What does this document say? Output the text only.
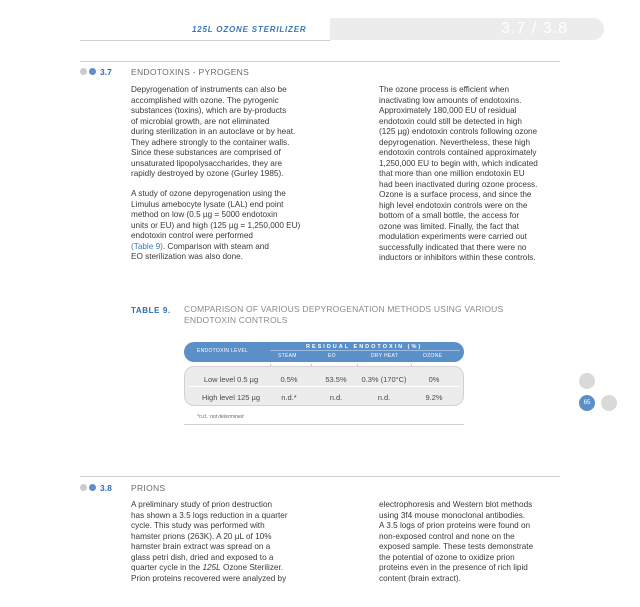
125L OZONE STERILIZER	3.7 / 3.8
3.7 ENDOTOXINS - PYROGENS

Depyrogenation of instruments can also be
accomplished with ozone. The pyrogenic
substances (toxins), which are by-products
of microbial growth, are not eliminated
during sterilization in an autoclave or by heat.
They adhere strongly to the container walls.
Since these substances are comprised of
unsaturated lipopolysaccharides, they are
rapidly destroyed by ozone (Gurley 1985).

A study of ozone depyrogenation using the
Limulus amebocyte lysate (LAL) end point
method on low (0.5 µg = 5000 endotoxin
units or EU) and high (125 µg = 1,250,000 EU)
endotoxin control were performed
(Table 9). Comparison with steam and
EO sterilization was also done.

The ozone process is efficient when
inactivating low amounts of endotoxins.
Approximately 180,000 EU of residual
endotoxin could still be detected in high
(125 µg) endotoxin controls following ozone
depyrogenation. Nevertheless, these high
endotoxin controls contained approximately
1,250,000 EU to begin with, which indicated
that more than one million endotoxin EU
had been inactivated during ozone process.
Ozone is a surface process, and since the
high level endotoxin controls were on the
bottom of a small bottle, the access for
ozone was limited. Finally, the fact that
modulation experiments were carried out
successfully indicated that there were no
inductors or inhibitors within these controls.

TABLE 9. COMPARISON OF VARIOUS DEPYROGENATION METHODS USING VARIOUS
ENDOTOXIN CONTROLS
ENDOTOXIN LEVEL
RESIDUAL ENDOTOXIN (%)
STEAM	EO	DRY HEAT	OZONE
Low level 0.5 µg	0.5%	53.5%	0.3% (170°C)	0%
High level 125 µg	n.d.*	n.d.	n.d.	9.2%
*n.d.: not determined
65
3.8 PRIONS

A preliminary study of prion destruction
has shown a 3.5 logs reduction in a quarter
cycle. This study was performed with
hamster prions (263K). A 20 µL of 10%
hamster brain extract was spread on a
glass petri dish, dried and exposed to a
quarter cycle in the 125L Ozone Sterilizer.
Prion proteins recovered were analyzed by

electrophoresis and Western blot methods
using 3f4 mouse monoclonal antibodies.
A 3.5 logs of prion proteins were found on
non-exposed control and none on the
exposed sample. These tests demonstrate
the potential of ozone to oxidize prion
proteins even in the presence of rich lipid
content (brain extract).
